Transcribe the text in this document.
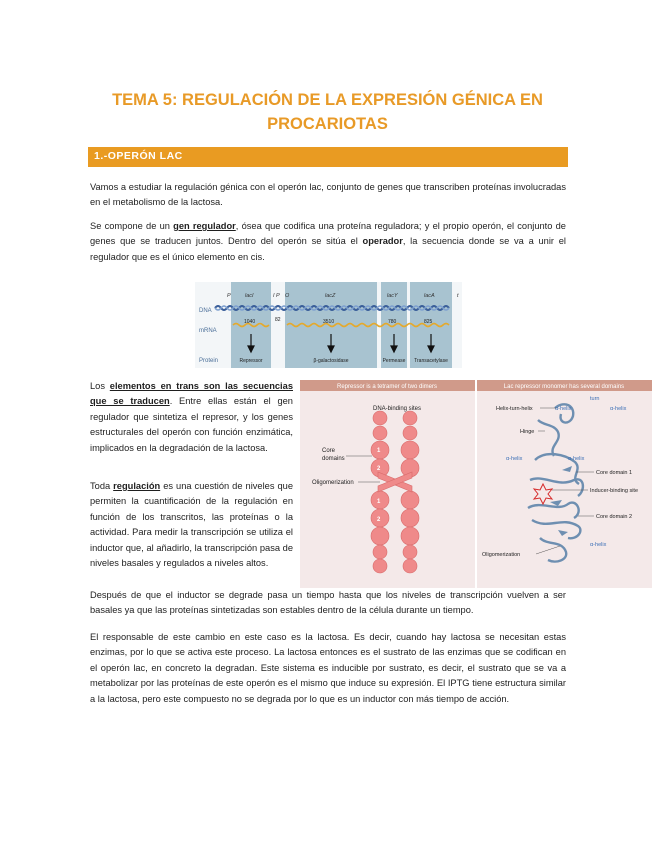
TEMA 5: REGULACIÓN DE LA EXPRESIÓN GÉNICA EN
PROCARIOTAS
1.-OPERÓN LAC
Vamos a estudiar la regulación génica con el operón lac, conjunto de genes que transcriben proteínas involucradas en el metabolismo de la lactosa.
Se compone de un gen regulador, ósea que codifica una proteína reguladora; y el propio operón, el conjunto de genes que se traducen juntos. Dentro del operón se sitúa el operador, la secuencia donde se va a unir el regulador que es el único elemento en cis.
DNA
mRNA
Protein
P	lacI	I P O	lacZ	lacY	lacA	t
1040	82	3510	780	825
Repressor	β-galactosidase	Permease Transacetylase
Los elementos en trans son las secuencias que se traducen. Entre ellas están el gen regulador que sintetiza el represor, y los genes estructurales del operón con función enzimática, implicados en la degradación de la lactosa.
Toda regulación es una cuestión de niveles que permiten la cuantificación de la regulación en función de los transcritos, las proteínas o la actividad. Para medir la transcripción se utiliza el inductor que, al añadirlo, la transcripción pasa de niveles basales y regulados a niveles altos.
Repressor is a tetramer of two dimers	Lac repressor monomer has several domains
1
2
1
2
DNA-binding sites
Core
domains
Oligomerization
Helix-turn-helix
turn
α-helix	α-helix
Hinge
α-helix	α-helix
Core domain 1
Inducer-binding site
Core domain 2
α-helix
Oligomerization
Después de que el inductor se degrade pasa un tiempo hasta que los niveles de transcripción vuelven a ser basales ya que las proteínas sintetizadas son estables dentro de la célula durante un tiempo.
El responsable de este cambio en este caso es la lactosa. Es decir, cuando hay lactosa se necesitan estas enzimas, por lo que se activa este proceso. La lactosa entonces es el sustrato de las enzimas que se codifican en el operón lac, en concreto la degradan. Este sistema es inducible por sustrato, es decir, el sustrato que se va a metabolizar por las proteínas de este operón es el mismo que induce su expresión. El IPTG tiene estructura similar a la lactosa, pero este compuesto no se degrada por lo que es un inductor con más tiempo de acción.
